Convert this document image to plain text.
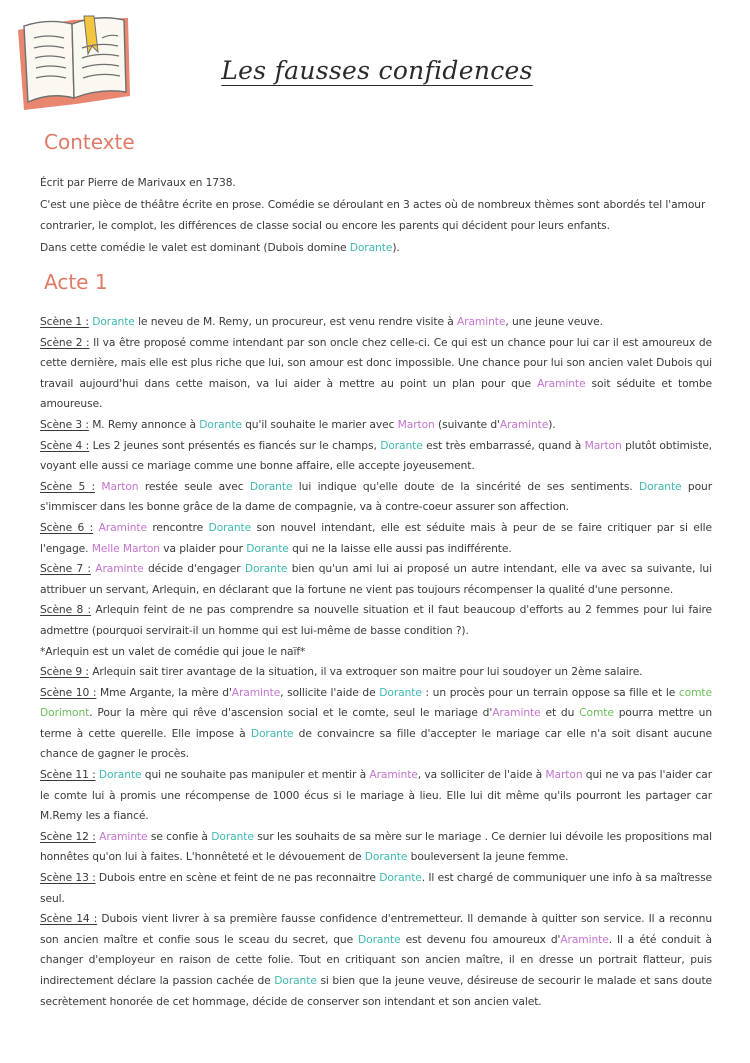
Les fausses confidences
Contexte

Écrit par Pierre de Marivaux en 1738.

C'est une pièce de théâtre écrite en prose. Comédie se déroulant en 3 actes où de nombreux thèmes sont abordés tel l'amour contrarier, le complot, les différences de classe social ou encore les parents qui décident pour leurs enfants.

Dans cette comédie le valet est dominant (Dubois domine Dorante).

Acte 1

Scène 1 : Dorante le neveu de M. Remy, un procureur, est venu rendre visite à Araminte, une jeune veuve.

Scène 2 : Il va être proposé comme intendant par son oncle chez celle-ci. Ce qui est un chance pour lui car il est amoureux de cette dernière, mais elle est plus riche que lui, son amour est donc impossible. Une chance pour lui son ancien valet Dubois qui travail aujourd'hui dans cette maison, va lui aider à mettre au point un plan pour que Araminte soit séduite et tombe amoureuse.

Scène 3 : M. Remy annonce à Dorante qu'il souhaite le marier avec Marton (suivante d'Araminte).

Scène 4 : Les 2 jeunes sont présentés es fiancés sur le champs, Dorante est très embarrassé, quand à Marton plutôt obtimiste, voyant elle aussi ce mariage comme une bonne affaire, elle accepte joyeusement.

Scène 5 : Marton restée seule avec Dorante lui indique qu'elle doute de la sincérité de ses sentiments. Dorante pour s'immiscer dans les bonne grâce de la dame de compagnie, va à contre-coeur assurer son affection.

Scène 6 : Araminte rencontre Dorante son nouvel intendant, elle est séduite mais à peur de se faire critiquer par si elle l'engage. Melle Marton va plaider pour Dorante qui ne la laisse elle aussi pas indifférente.

Scène 7 : Araminte décide d'engager Dorante bien qu'un ami lui ai proposé un autre intendant, elle va avec sa suivante, lui attribuer un servant, Arlequin, en déclarant que la fortune ne vient pas toujours récompenser la qualité d'une personne.

Scène 8 : Arlequin feint de ne pas comprendre sa nouvelle situation et il faut beaucoup d'efforts au 2 femmes pour lui faire admettre (pourquoi servirait-il un homme qui est lui-même de basse condition ?).

*Arlequin est un valet de comédie qui joue le naïf*

Scène 9 : Arlequin sait tirer avantage de la situation, il va extroquer son maitre pour lui soudoyer un 2ème salaire.

Scène 10 : Mme Argante, la mère d'Araminte, sollicite l'aide de Dorante : un procès pour un terrain oppose sa fille et le comte Dorimont. Pour la mère qui rêve d'ascension social et le comte, seul le mariage d'Araminte et du Comte pourra mettre un terme à cette querelle. Elle impose à Dorante de convaincre sa fille d'accepter le mariage car elle n'a soit disant aucune chance de gagner le procès.

Scène 11 : Dorante qui ne souhaite pas manipuler et mentir à Araminte, va solliciter de l'aide à Marton qui ne va pas l'aider car le comte lui à promis une récompense de 1000 écus si le mariage à lieu. Elle lui dit même qu'ils pourront les partager car M.Remy les a fiancé.

Scène 12 : Araminte se confie à Dorante sur les souhaits de sa mère sur le mariage . Ce dernier lui dévoile les propositions mal honnêtes qu'on lui à faites. L'honnêteté et le dévouement de Dorante bouleversent la jeune femme.

Scène 13 : Dubois entre en scène et feint de ne pas reconnaitre Dorante. Il est chargé de communiquer une info à sa maîtresse seul.

Scène 14 : Dubois vient livrer à sa première fausse confidence d'entremetteur. Il demande à quitter son service. Il a reconnu son ancien maître et confie sous le sceau du secret, que Dorante est devenu fou amoureux d'Araminte. Il a été conduit à changer d'employeur en raison de cette folie. Tout en critiquant son ancien maître, il en dresse un portrait flatteur, puis indirectement déclare la passion cachée de Dorante si bien que la jeune veuve, désireuse de secourir le malade et sans doute secrètement honorée de cet hommage, décide de conserver son intendant et son ancien valet.
